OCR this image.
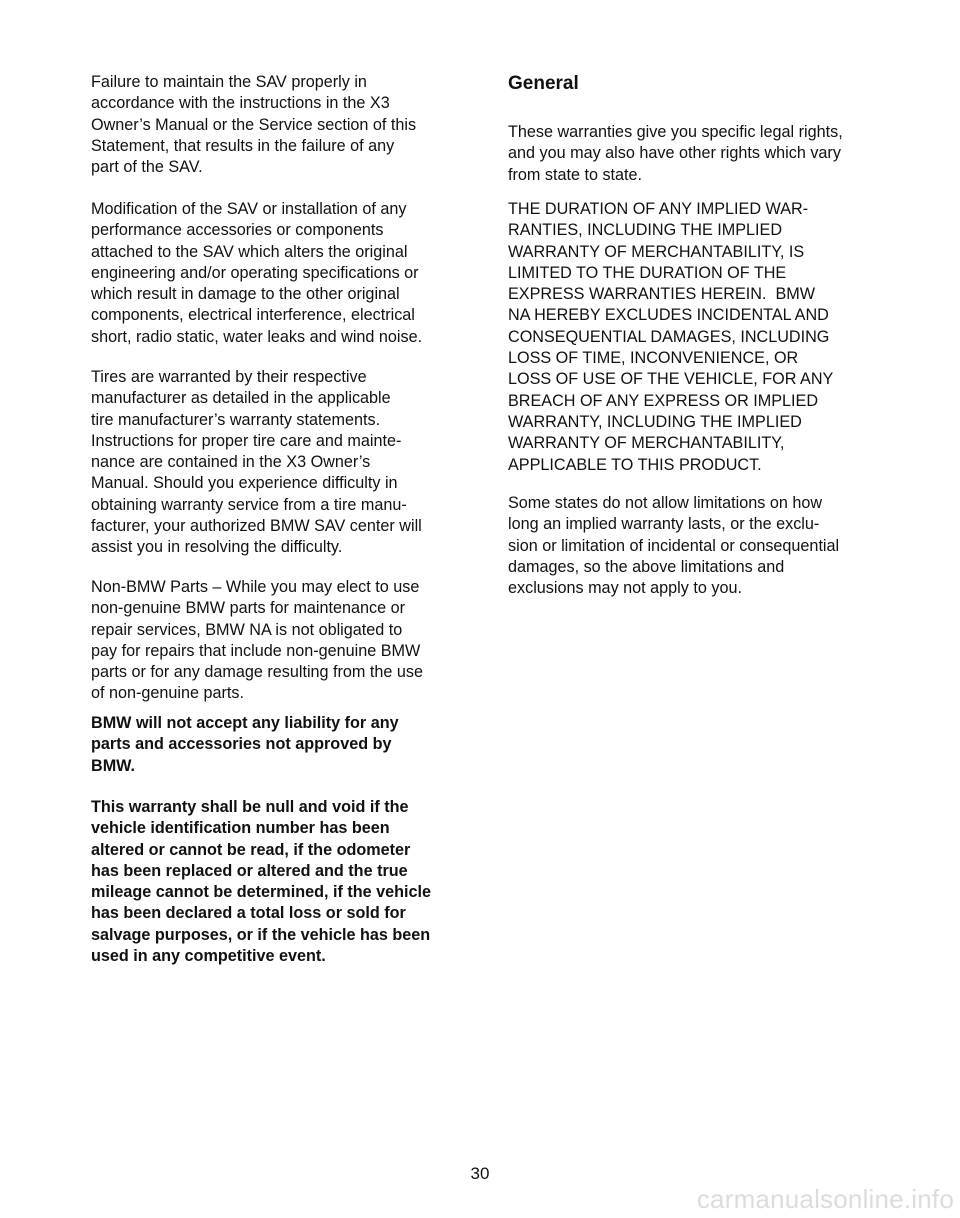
Failure to maintain the SAV properly in
accordance with the instructions in the X3
Owner’s Manual or the Service section of this
Statement, that results in the failure of any
part of the SAV.

Modification of the SAV or installation of any
performance accessories or components
attached to the SAV which alters the original
engineering and/or operating specifications or
which result in damage to the other original
components, electrical interference, electrical
short, radio static, water leaks and wind noise.

Tires are warranted by their respective
manufacturer as detailed in the applicable
tire manufacturer’s warranty statements.
Instructions for proper tire care and mainte-
nance are contained in the X3 Owner’s
Manual. Should you experience difficulty in
obtaining warranty service from a tire manu-
facturer, your authorized BMW SAV center will
assist you in resolving the difficulty.

Non-BMW Parts – While you may elect to use
non-genuine BMW parts for maintenance or
repair services, BMW NA is not obligated to
pay for repairs that include non-genuine BMW
parts or for any damage resulting from the use
of non-genuine parts.

BMW will not accept any liability for any
parts and accessories not approved by
BMW.

This warranty shall be null and void if the
vehicle identification number has been
altered or cannot be read, if the odometer
has been replaced or altered and the true
mileage cannot be determined, if the vehicle
has been declared a total loss or sold for
salvage purposes, or if the vehicle has been
used in any competitive event.

General

These warranties give you specific legal rights,
and you may also have other rights which vary
from state to state.

THE DURATION OF ANY IMPLIED WAR-
RANTIES, INCLUDING THE IMPLIED
WARRANTY OF MERCHANTABILITY, IS
LIMITED TO THE DURATION OF THE
EXPRESS WARRANTIES HEREIN.  BMW
NA HEREBY EXCLUDES INCIDENTAL AND
CONSEQUENTIAL DAMAGES, INCLUDING
LOSS OF TIME, INCONVENIENCE, OR
LOSS OF USE OF THE VEHICLE, FOR ANY
BREACH OF ANY EXPRESS OR IMPLIED
WARRANTY, INCLUDING THE IMPLIED
WARRANTY OF MERCHANTABILITY,
APPLICABLE TO THIS PRODUCT.

Some states do not allow limitations on how
long an implied warranty lasts, or the exclu-
sion or limitation of incidental or consequential
damages, so the above limitations and
exclusions may not apply to you.

30
carmanualsonline.info
